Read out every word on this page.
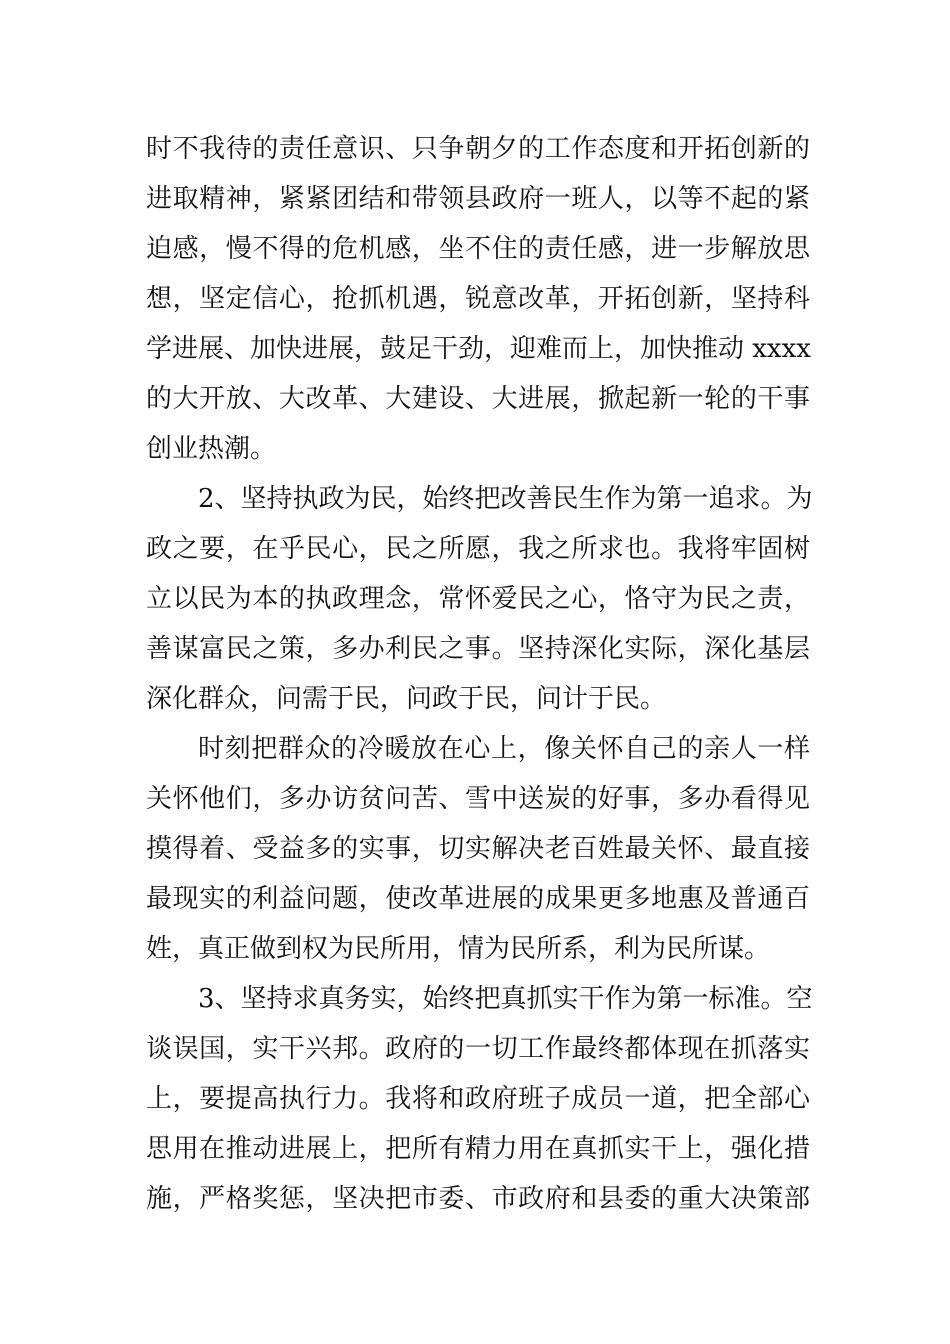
时不我待的责任意识、只争朝夕的工作态度和开拓创新的
进取精神，紧紧团结和带领县政府一班人，以等不起的紧
迫感，慢不得的危机感，坐不住的责任感，进一步解放思
想，坚定信心，抢抓机遇，锐意改革，开拓创新，坚持科
学进展、加快进展，鼓足干劲，迎难而上，加快推动 xxxx
的大开放、大改革、大建设、大进展，掀起新一轮的干事
创业热潮。
2、坚持执政为民，始终把改善民生作为第一追求。为
政之要，在乎民心，民之所愿，我之所求也。我将牢固树
立以民为本的执政理念，常怀爱民之心，恪守为民之责，
善谋富民之策，多办利民之事。坚持深化实际，深化基层
深化群众，问需于民，问政于民，问计于民。
时刻把群众的冷暖放在心上，像关怀自己的亲人一样
关怀他们，多办访贫问苦、雪中送炭的好事，多办看得见
摸得着、受益多的实事，切实解决老百姓最关怀、最直接
最现实的利益问题，使改革进展的成果更多地惠及普通百
姓，真正做到权为民所用，情为民所系，利为民所谋。
3、坚持求真务实，始终把真抓实干作为第一标准。空
谈误国，实干兴邦。政府的一切工作最终都体现在抓落实
上，要提高执行力。我将和政府班子成员一道，把全部心
思用在推动进展上，把所有精力用在真抓实干上，强化措
施，严格奖惩，坚决把市委、市政府和县委的重大决策部
